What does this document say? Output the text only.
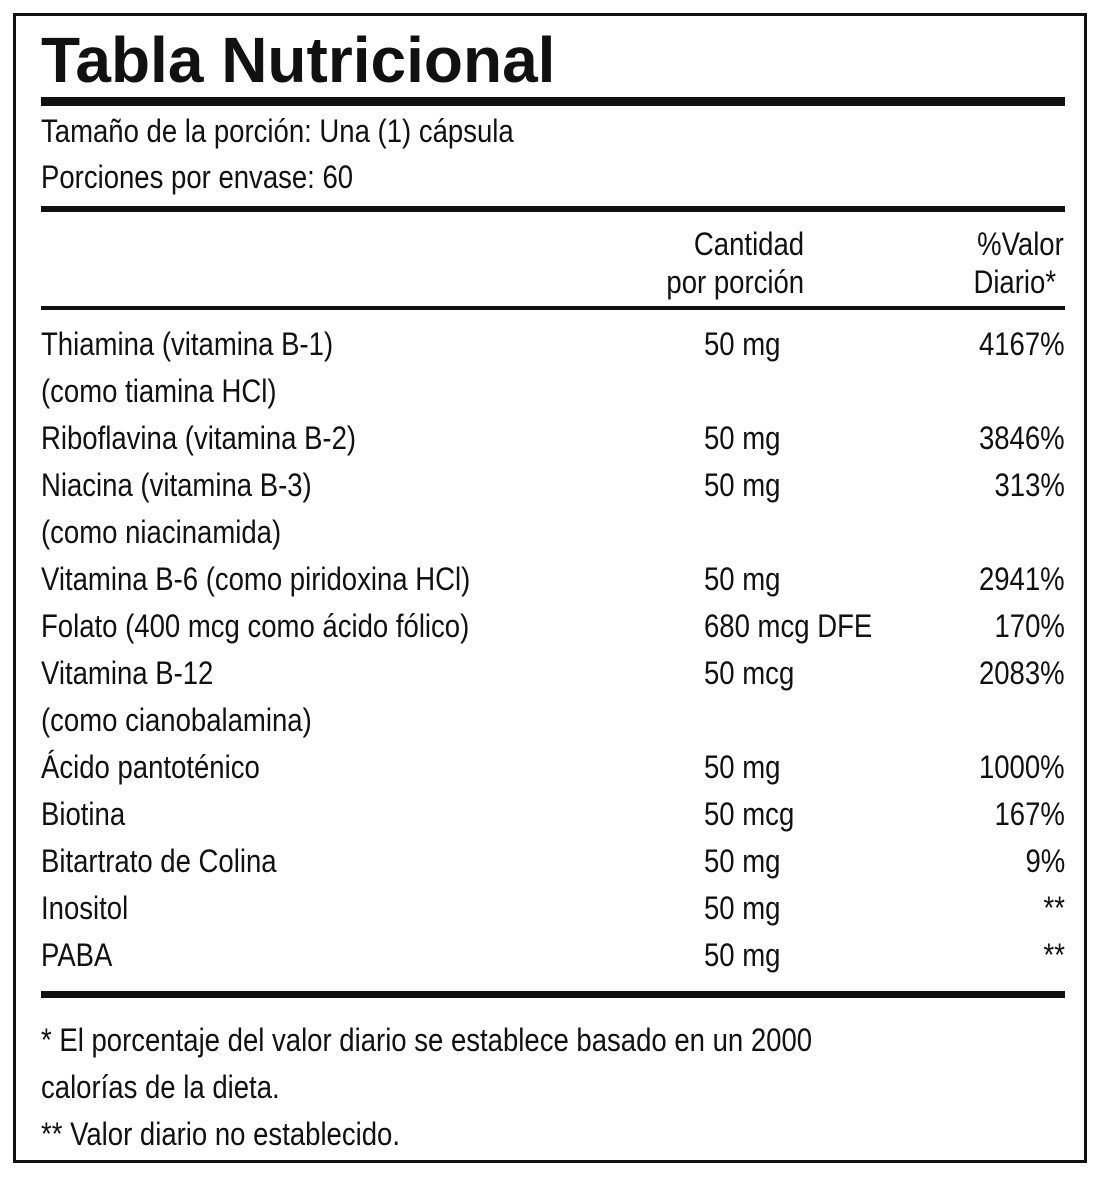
Tabla Nutricional
Tamaño de la porción: Una (1) cápsula
Porciones por envase: 60
Cantidad
por porción
%Valor
Diario*
Thiamina (vitamina B-1)	50 mg	4167%
(como tiamina HCl)
Riboflavina (vitamina B-2)	50 mg	3846%
Niacina (vitamina B-3)	50 mg	313%
(como niacinamida)
Vitamina B-6 (como piridoxina HCl)	50 mg	2941%
Folato (400 mcg como ácido fólico)	680 mcg DFE	170%
Vitamina B-12	50 mcg	2083%
(como cianobalamina)
Ácido pantoténico	50 mg	1000%
Biotina	50 mcg	167%
Bitartrato de Colina	50 mg	9%
Inositol	50 mg	**
PABA	50 mg	**
* El porcentaje del valor diario se establece basado en un 2000
calorías de la dieta.
** Valor diario no establecido.
